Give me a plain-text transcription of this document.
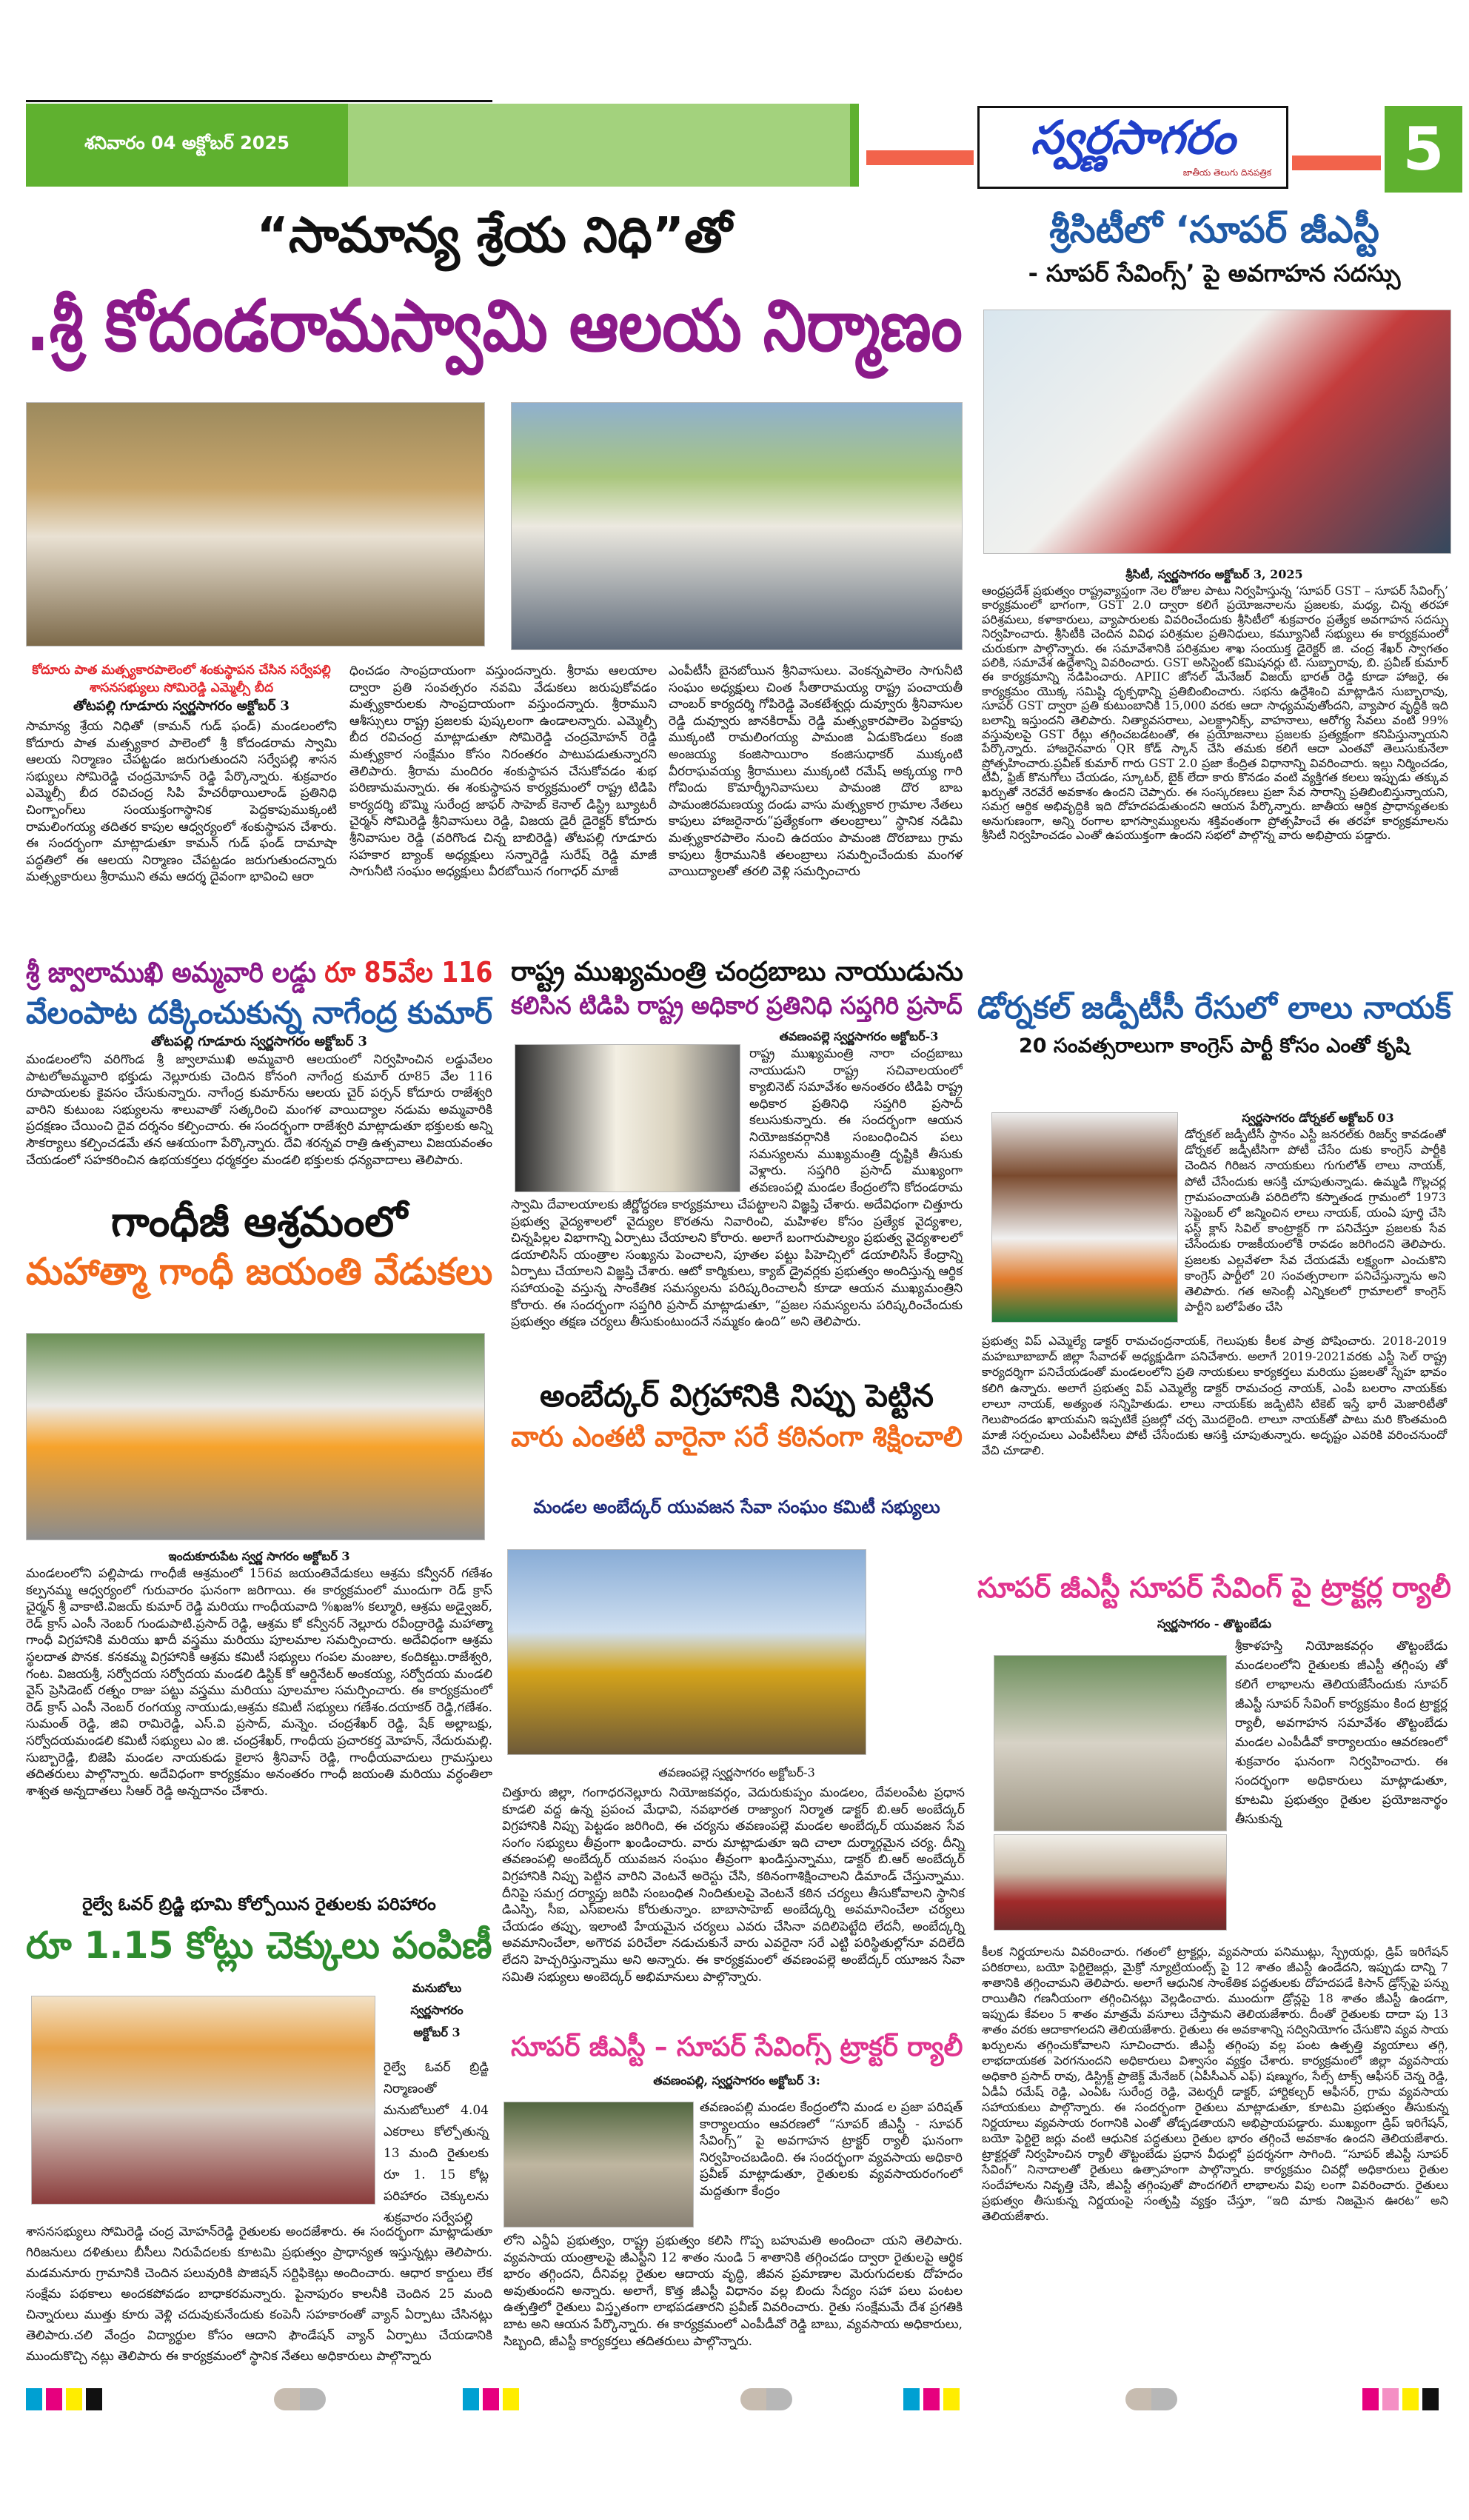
శనివారం 04 అక్టోబర్ 2025	స్వర్ణసాగరం
జాతీయ తెలుగు దినపత్రిక 5
“సామాన్య శ్రేయ నిధి”తో
.శ్రీ కోదండరామస్వామి ఆలయ నిర్మాణం
కోదూరు పాత మత్స్యకారపాలెంలో శంకుస్థాపన చేసిన సర్వేపల్లి శాసనసభ్యులు సోమిరెడ్డి ఎమ్మెల్సీ బీద
తోటపల్లి గూడూరు స్వర్ణసాగరం అక్టోబర్ 3

సామాన్య శ్రేయ నిధితో (కామన్ గుడ్ ఫండ్) మండలంలోని కోదూరు పాత మత్స్యకార పాలెంలో శ్రీ కోదండరామ స్వామి ఆలయ నిర్మాణం చేపట్టడం జరుగుతుందని సర్వేపల్లి శాసన సభ్యులు సోమిరెడ్డి చంద్రమోహన్ రెడ్డి పేర్కొన్నారు. శుక్రవారం ఎమ్మెల్సీ బీద రవిచంద్ర సిపి హేచరీథాయిలాండ్ ప్రతినిధి చింగ్బాంగ్‌లు సంయుక్తంగాస్థానిక పెద్దకాపుముక్కంటి రామలింగయ్య తదితర కాపుల ఆధ్వర్యంలో శంకుస్థాపన చేశారు. ఈ సందర్భంగా మాట్లాడుతూ కామన్ గుడ్ ఫండ్ దామాషా పద్ధతిలో ఈ ఆలయ నిర్మాణం చేపట్టడం జరుగుతుందన్నారు మత్స్యకారులు శ్రీరాముని తమ ఆదర్శ దైవంగా భావించి ఆరా

ధించడం సాంప్రదాయంగా వస్తుందన్నారు. శ్రీరామ ఆలయాల ద్వారా ప్రతి సంవత్సరం నవమి వేడుకలు జరుపుకోవడం మత్స్యకారులకు సాంప్రదాయంగా వస్తుందన్నారు. శ్రీరాముని ఆశీస్సులు రాష్ట్ర ప్రజలకు పుష్కలంగా ఉండాలన్నారు. ఎమ్మెల్సీ బీద రవిచంద్ర మాట్లాడుతూ సోమిరెడ్డి చంద్రమోహన్ రెడ్డి మత్స్యకార సంక్షేమం కోసం నిరంతరం పాటుపడుతున్నారని తెలిపారు. శ్రీరామ మందిరం శంకుస్థాపన చేసుకోవడం శుభ పరిణామమన్నారు. ఈ శంకుస్థాపన కార్యక్రమంలో రాష్ట్ర టిడిపి కార్యదర్శి బొమ్మి సురేంద్ర జాఫర్ సాహెబ్ కెనాల్ డిస్ట్రి బ్యూటరీ చైర్మన్ సోమిరెడ్డి శ్రీనివాసులు రెడ్డి, విజయ డైరీ డైరెక్టర్ కోదూరు శ్రీనివాసుల రెడ్డి (వరిగొండ చిన్న బాబిరెడ్డి) తోటపల్లి గూడూరు సహకార బ్యాంక్ అధ్యక్షులు సన్నారెడ్డి సురేష్ రెడ్డి మాజీ సాగునీటి సంఘం అధ్యక్షులు వీరబోయిన గంగాధర్ మాజీ

ఎంపీటీసీ బైనబోయిన శ్రీనివాసులు. వెంకన్నపాలెం సాగునీటి సంఘం అధ్యక్షులు చింత సీతారామయ్య రాష్ట్ర పంచాయతీ చాంబర్ కార్యదర్శి గోపిరెడ్డి వెంకటేశ్వర్లు దువ్వూరు శ్రీనివాసుల రెడ్డి దువ్వూరు జానకిరామ్ రెడ్డి మత్స్యకారపాలెం పెద్దకాపు ముక్కంటి రామలింగయ్య పామంజి ఏడుకొండలు కంజి అంజయ్య కంజిసాయిరాం కంజిసుధాకర్ ముక్కంటి వీరరాఘవయ్య శ్రీరాములు ముక్కంటి రమేష్ అక్కయ్య గారి గోవిందు కొమార్శ్రీనివాసులు పామంజి దొర బాబ పామంజిరమణయ్య దండు వాసు మత్స్యకార గ్రామాల నేతలు కాపులు హాజరైనారు“ప్రత్యేకంగా తలంబ్రాలు” స్థానిక నడిమి మత్స్యకారపాలెం నుంచి ఉదయం పామంజి దొరబాబు గ్రామ కాపులు శ్రీరామునికి తలంబ్రాలు సమర్పించేందుకు మంగళ వాయిద్యాలతో తరలి వెళ్లి సమర్పించారు

శ్రీ జ్వాలాముఖి అమ్మవారి లడ్డు రూ 85వేల 116
వేలంపాట దక్కించుకున్న నాగేంద్ర కుమార్
తోటపల్లి గూడూరు స్వర్ణసాగరం అక్టోబర్ 3

మండలంలోని వరిగొండ శ్రీ జ్వాలాముఖి అమ్మవారి ఆలయంలో నిర్వహించిన లడ్డువేలం పాటలోఅమ్మవారి భక్తుడు నెల్లూరుకు చెందిన కోనంగి నాగేంద్ర కుమార్ రూ85 వేల 116 రూపాయలకు కైవసం చేసుకున్నారు. నాగేంద్ర కుమార్‌ను ఆలయ చైర్ పర్సన్ కోదూరు రాజేశ్వరి వారిని కుటుంబ సభ్యులను శాలువాతో సత్కరించి మంగళ వాయిద్యాల నడుమ అమ్మవారికి ప్రదక్షణం చేయించి దైవ దర్శనం కల్పించారు. ఈ సందర్భంగా రాజేశ్వరి మాట్లాడుతూ భక్తులకు అన్ని సౌకర్యాలు కల్పించడమే తన ఆశయంగా పేర్కొన్నారు. దేవి శరన్నవ రాత్రి ఉత్సవాలు విజయవంతం చేయడంలో సహకరించిన ఉభయకర్తలు ధర్మకర్తల మండలి భక్తులకు ధన్యవాదాలు తెలిపారు.

రాష్ట్ర ముఖ్యమంత్రి చంద్రబాబు నాయుడును
కలిసిన టిడిపి రాష్ట్ర అధికార ప్రతినిధి సప్తగిరి ప్రసాద్
తవణంపల్లె స్వర్ణసాగరం అక్టోబర్-3

రాష్ట్ర ముఖ్యమంత్రి నారా చంద్రబాబు నాయుడుని రాష్ట్ర సచివాలయంలో క్యాబినెట్ సమావేశం అనంతరం టిడిపి రాష్ట్ర అధికార ప్రతినిధి సప్తగిరి ప్రసాద్ కలుసుకున్నారు. ఈ సందర్భంగా ఆయన నియోజకవర్గానికి సంబంధించిన పలు సమస్యలను ముఖ్యమంత్రి దృష్టికి తీసుకు వెళ్లారు. సప్తగిరి ప్రసాద్ ముఖ్యంగా తవణంపల్లి మండల కేంద్రంలోని కోదండరామ

స్వామి దేవాలయాలకు జీర్ణోద్ధరణ కార్యక్రమాలు చేపట్టాలని విజ్ఞప్తి చేశారు. అదేవిధంగా చిత్తూరు ప్రభుత్వ వైద్యశాలలో వైద్యుల కొరతను నివారించి, మహిళల కోసం ప్రత్యేక వైద్యశాల, చిన్నపిల్లల విభాగాన్ని ఏర్పాటు చేయాలని కోరారు. అలాగే బంగారుపాల్యం ప్రభుత్వ వైద్యశాలలో డయాలిసిస్ యంత్రాల సంఖ్యను పెంచాలని, పూతల పట్టు పిహెచ్సిలో డయాలిసిస్ కేంద్రాన్ని ఏర్పాటు చేయాలని విజ్ఞప్తి చేశారు. ఆటో కార్మికులు, క్యాబ్ డ్రైవర్లకు ప్రభుత్వం అందిస్తున్న ఆర్థిక సహాయంపై వస్తున్న సాంకేతిక సమస్యలను పరిష్కరించాలనీ కూడా ఆయన ముఖ్యమంత్రిని కోరారు. ఈ సందర్భంగా సప్తగిరి ప్రసాద్ మాట్లాడుతూ, “ప్రజల సమస్యలను పరిష్కరించేందుకు ప్రభుత్వం తక్షణ చర్యలు తీసుకుంటుందనే నమ్మకం ఉంది” అని తెలిపారు.

గాంధీజీ ఆశ్రమంలో
మహాత్మా గాంధీ జయంతి వేడుకలు
ఇందుకూరుపేట స్వర్ణ సాగరం అక్టోబర్ 3

మండలంలోని పల్లిపాడు గాంధీజీ ఆశ్రమంలో 156వ జయంతివేడుకలు ఆశ్రమ కన్వీనర్ గణేశం కల్పనమ్మ ఆధ్వర్యంలో గురువారం ఘనంగా జరిగాయి. ఈ కార్యక్రమంలో ముందుగా రెడ్ క్రాస్ చైర్మన్ శ్రీ వాకాటి.విజయ్ కుమార్ రెడ్డి మరియు గాంధీయవాది %ఖజ% కల్మూరి, ఆశ్రమ అడ్వైజర్, రెడ్ క్రాస్ ఎంసీ నెంబర్ గుండుపాటి.ప్రసాద్ రెడ్డి, ఆశ్రమ కో కన్వీనర్ నెల్లూరు రవీంద్రారెడ్డి మహాత్మా గాంధీ విగ్రహానికి మరియు ఖాదీ వస్త్రము మరియు పూలమాల సమర్పించారు. అదేవిధంగా ఆశ్రమ స్థలదాత పొనక. కనకమ్మ విగ్రహానికి ఆశ్రమ కమిటీ సభ్యులు గంపల మంజుల, కందికట్టు.రాజేశ్వరి, గంట. విజయశ్రీ, సర్వోదయ సర్వోదయ మండలి డిస్టిక్ కో ఆర్డినేటర్ అంకయ్య, సర్వోదయ మండలి వైస్ ప్రెసిడెంట్ రత్నం రాజు పట్టు వస్త్రము మరియు పూలమాల సమర్పించారు. ఈ కార్యక్రమంలో రెడ్ క్రాస్ ఎంసీ నెంబర్ రంగయ్య నాయుడు,ఆశ్రమ కమిటీ సభ్యులు గణేశం.దయాకర్ రెడ్డి,గణేశం. సుమంత్ రెడ్డి, జివి రామిరెడ్డి, ఎస్.వి ప్రసాద్, మన్నెం. చంద్రశేఖర్ రెడ్డి, షేక్ అల్లాబక్షు, సర్వోదయమండలి కమిటీ సభ్యులు ఎం జి. చంద్రశేఖర్, గాంధీయ ప్రచారకర్త మోహన్, నేదురుమల్లి. సుబ్బారెడ్డి, బిజెపి మండల నాయకుడు కైలాస శ్రీనివాస్ రెడ్డి, గాంధీయవాదులు గ్రామస్తులు తదితరులు పాల్గొన్నారు. అదేవిధంగా కార్యక్రమం అనంతరం గాంధీ జయంతి మరియు వర్ధంతిలా శాశ్వత అన్నదాతలు సిఆర్ రెడ్డి అన్నదానం చేశారు.

అంబేద్కర్ విగ్రహానికి నిప్పు పెట్టిన
వారు ఎంతటి వారైనా సరే కఠినంగా శిక్షించాలి
మండల అంబేద్కర్ యువజన సేవా సంఘం కమిటీ సభ్యులు
తవణంపల్లె స్వర్ణసాగరం అక్టోబర్-3

చిత్తూరు జిల్లా, గంగాధరనెల్లూరు నియోజకవర్గం, వెదురుకుప్పం మండలం, దేవలంపేట ప్రధాన కూడలి వద్ద ఉన్న ప్రపంచ మేధావి, నవభారత రాజ్యాంగ నిర్మాత డాక్టర్ బి.ఆర్ అంబేద్కర్ విగ్రహానికి నిప్పు పెట్టడం జరిగింది, ఈ చర్యను తవణంపల్లె మండల అంబేద్కర్ యువజన సేవ సంగం సభ్యులు తీవ్రంగా ఖండించారు. వారు మాట్లాడుతూ ఇది చాలా దుర్మార్గమైన చర్య. దీన్ని తవణంపల్లి అంబేద్కర్ యువజన సంఘం తీవ్రంగా ఖండిస్తున్నాము, డాక్టర్ బి.ఆర్ అంబేద్కర్ విగ్రహానికి నిప్పు పెట్టిన వారిని వెంటనే అరెస్టు చేసి, కఠినంగాశిక్షించాలని డిమాండ్ చేస్తున్నాము. దీనిపై సమగ్ర దర్యాప్తు జరిపి సంబంధిత నిందితులపై వెంటనే కఠిన చర్యలు తీసుకోవాలని స్థానిక డిఎస్పి, సీఐ, ఎస్ఐలను కోరుతున్నాం. బాబాసాహెబ్ అంబేద్కర్ని అవమానించేలా చర్యలు చేయడం తప్పు, ఇలాంటి హేయమైన చర్యలు ఎవరు చేసినా వదిలిపెట్టేది లేదనీ, అంబేద్కర్ని అవమానించేలా, అగౌరవ పరిచేలా నడుచుకునే వారు ఎవరైనా సరే ఎట్టి పరిస్థితుల్లోనూ వదిలేది లేదని హెచ్చరిస్తున్నాము అని అన్నారు. ఈ కార్యక్రమంలో తవణంపల్లె అంబేద్కర్ యూజన సేవా సమితి సభ్యులు అంబెద్కర్ అభిమానులు పాల్గొన్నారు.

రైల్వే ఓవర్ బ్రిడ్జి భూమి కోల్పోయిన రైతులకు పరిహారం
రూ 1.15 కోట్లు చెక్కులు పంపిణీ
మనుబోలు
స్వర్ణసాగరం
అక్టోబర్ 3

రైల్వే ఓవర్ బ్రిడ్జి నిర్మాణంతో మనుబోలులో 4.04 ఎకరాలు కోల్పోతున్న 13 మంది రైతులకు రూ 1. 15 కోట్ల పరిహారం చెక్కులను శుక్రవారం సర్వేపల్లి

శాసనసభ్యులు సోమిరెడ్డి చంద్ర మోహన్‌రెడ్డి రైతులకు అందజేశారు. ఈ సందర్భంగా మాట్లాడుతూ గిరిజనులు దళితులు బీసీలు నిరుపేదలకు కూటమి ప్రభుత్వం ప్రాధాన్యత ఇస్తున్నట్లు తెలిపారు. మడమనూరు గ్రామానికి చెందిన పలువురికి పొజిషన్ సర్టిఫికెట్లు అందించారు. ఆధార కార్డులు లేక సంక్షేమ పథకాలు అందకపోవడం బాధాకరమన్నారు. పైనాపురం కాలనీకి చెందిన 25 మంది చిన్నారులు ముత్తు కూరు వెళ్లి చదువుకునేందుకు కంపెనీ సహకారంతో వ్యాన్ ఏర్పాటు చేసినట్లు తెలిపారు.చలి వేంద్రం విద్యార్థుల కోసం ఆదాని ఫౌండేషన్ వ్యాన్ ఏర్పాటు చేయడానికి ముందుకొచ్చి నట్లు తెలిపారు ఈ కార్యక్రమంలో స్థానిక నేతలు అధికారులు పాల్గొన్నారు

సూపర్ జీఎస్టీ – సూపర్ సేవింగ్స్ ట్రాక్టర్ ర్యాలీ
తవణంపల్లి, స్వర్ణసాగరం అక్టోబర్ 3:

తవణంపల్లి మండల కేంద్రంలోని మండ ల ప్రజా పరిషత్ కార్యాలయం ఆవరణలో “సూపర్ జీఎస్టీ - సూపర్ సేవింగ్స్” పై అవగాహన ట్రాక్టర్ ర్యాలీ ఘనంగా నిర్వహించబడింది. ఈ సందర్భంగా వ్యవసాయ అధికారి ప్రవీణ్ మాట్లాడుతూ, రైతులకు వ్యవసాయరంగంలో మద్దతుగా కేంద్రం

లోని ఎన్డీఏ ప్రభుత్వం, రాష్ట్ర ప్రభుత్వం కలిసి గొప్ప బహుమతి అందించా యని తెలిపారు. వ్యవసాయ యంత్రాలపై జీఎస్టీని 12 శాతం నుండి 5 శాతానికి తగ్గించడం ద్వారా రైతులపై ఆర్థిక భారం తగ్గిందని, దీనివల్ల రైతుల ఆదాయ వృద్ధి, జీవన ప్రమాణాల మెరుగుదలకు దోహదం అవుతుందని అన్నారు. అలాగే, కొత్త జీఎస్టీ విధానం వల్ల బిందు సేద్యం సహా పలు పంటల ఉత్పత్తిలో రైతులు విస్తృతంగా లాభపడతారని ప్రవీణ్ వివరించారు. రైతు సంక్షేమమే దేశ ప్రగతికి బాట అని ఆయన పేర్కొన్నారు. ఈ కార్యక్రమంలో ఎంపీడీవో రెడ్డి బాబు, వ్యవసాయ అధికారులు, సిబ్బంది, జీఎస్టీ కార్యకర్తలు తదితరులు పాల్గొన్నారు.

శ్రీసిటీలో ‘సూపర్ జీఎస్టీ
- సూపర్ సేవింగ్స్’ పై అవగాహన సదస్సు
శ్రీసిటీ, స్వర్ణసాగరం అక్టోబర్ 3, 2025

ఆంధ్రప్రదేశ్ ప్రభుత్వం రాష్ట్రవ్యాప్తంగా నెల రోజుల పాటు నిర్వహిస్తున్న ‘సూపర్ GST – సూపర్ సేవింగ్స్’ కార్యక్రమంలో భాగంగా, GST 2.0 ద్వారా కలిగే ప్రయోజనాలను ప్రజలకు, మధ్య, చిన్న తరహా పరిశ్రమలు, కళాకారులు, వ్యాపారులకు వివరించేందుకు శ్రీసిటీలో శుక్రవారం ప్రత్యేక అవగాహన సదస్సు నిర్వహించారు. శ్రీసిటీకి చెందిన వివిధ పరిశ్రమల ప్రతినిధులు, కమ్యూనిటీ సభ్యులు ఈ కార్యక్రమంలో చురుకుగా పాల్గొన్నారు. ఈ సమావేశానికి పరిశ్రమల శాఖ సంయుక్త డైరెక్టర్ జి. చంద్ర శేఖర్ స్వాగతం పలికి, సమావేశ ఉద్దేశాన్ని వివరించారు. GST అసిస్టెంట్ కమిషనర్లు టి. సుబ్బారావు, బి. ప్రవీణ్ కుమార్ ఈ కార్యక్రమాన్ని నడిపించారు. APIIC జోనల్ మేనేజర్ విజయ్ భారత్ రెడ్డి కూడా హాజరై, ఈ కార్యక్రమం యొక్క సమిష్టి దృక్పథాన్ని ప్రతిబింబించారు. సభను ఉద్దేశించి మాట్లాడిన సుబ్బారావు, సూపర్ GST ద్వారా ప్రతి కుటుంబానికి 15,000 వరకు ఆదా సాధ్యమవుతోందని, వ్యాపార వృద్ధికి ఇది బలాన్ని ఇస్తుందని తెలిపారు. నిత్యావసరాలు, ఎలక్ట్రానిక్స్, వాహనాలు, ఆరోగ్య సేవలు వంటి 99% వస్తువులపై GST రేట్లు తగ్గించబడటంతో, ఈ ప్రయోజనాలు ప్రజలకు ప్రత్యక్షంగా కనిపిస్తున్నాయని పేర్కొన్నారు. హాజరైనవారు QR కోడ్ స్కాన్ చేసి తమకు కలిగే ఆదా ఎంతవో తెలుసుకునేలా ప్రోత్సహించారు.ప్రవీణ్ కుమార్ గారు GST 2.0 ప్రజా కేంద్రిత విధానాన్ని వివరించారు. ఇల్లు నిర్మించడం, టీవీ, ఫ్రిజ్ కొనుగోలు చేయడం, స్కూటర్, బైక్ లేదా కారు కొనడం వంటి వ్యక్తిగత కలలు ఇప్పుడు తక్కువ ఖర్చుతో నెరవేరే అవకాశం ఉందని చెప్పారు. ఈ సంస్కరణలు ప్రజా సేవ సారాన్ని ప్రతిబింబిస్తున్నాయని, సమగ్ర ఆర్థిక అభివృద్ధికి ఇది దోహదపడుతుందని ఆయన పేర్కొన్నారు. జాతీయ ఆర్థిక ప్రాధాన్యతలకు అనుగుణంగా, అన్ని రంగాల భాగస్వామ్యులను శక్తివంతంగా ప్రోత్సహించే ఈ తరహా కార్యక్రమాలను శ్రీసిటీ నిర్వహించడం ఎంతో ఉపయుక్తంగా ఉందని సభలో పాల్గొన్న వారు అభిప్రాయ పడ్డారు.

డోర్నకల్ జడ్పీటీసీ రేసులో లాలు నాయక్
20 సంవత్సరాలుగా కాంగ్రెస్ పార్టీ కోసం ఎంతో కృషి
స్వర్ణసాగరం డోర్నకల్ అక్టోబర్ 03

డోర్నకల్ జడ్పీటీసీ స్థానం ఎస్టీ జనరల్‌కు రిజర్వ్ కావడంతో డోర్నకల్ జడ్పీటీసిగా పోటీ చేసేం దుకు కాంగ్రెస్ పార్టీకి చెందిన గిరిజన నాయకులు గుగులోత్ లాలు నాయక్, పోటీ చేసేందుకు ఆసక్తి చూపుతున్నాడు. ఉమ్మడి గొల్లచర్ల గ్రామపంచాయతీ పరిదిలోని కస్నాతండ గ్రామంలో 1973 సెప్టెంబర్ లో జన్మించిన లాలు నాయక్, యంఏ పూర్తి చేసి ఫస్ట్ క్లాస్ సివిల్ కాంట్రాక్టర్ గా పనిచేస్తూ ప్రజలకు సేవ చేసేందుకు రాజకీయంలోకి రావడం జరిగిందని తెలిపారు. ప్రజలకు ఎల్లవేళలా సేవ చేయడమే లక్ష్యంగా ఎంచుకొని కాంగ్రెస్ పార్టీలో 20 సంవత్సరాలగా పనిచేస్తున్నాను అని తెలిపారు. గత అసెంబ్లీ ఎన్నికలలో గ్రామాలలో కాంగ్రెస్ పార్టీని బలోపేతం చేసి

ప్రభుత్వ విప్ ఎమ్మెల్యే డాక్టర్ రామచంద్రనాయక్, గెలుపుకు కీలక పాత్ర పోషించారు. 2018-2019 మహబూబాబాద్ జిల్లా సేవాదళ్ అధ్యక్షుడిగా పనిచేశారు. అలాగే 2019-2021వరకు ఎస్టీ సెల్ రాష్ట్ర కార్యదర్శిగా పనిచేయడంతో మండలంలోని ప్రతి నాయకులు కార్యకర్తలు మరియు ప్రజలతో స్నేహ భావం కలిగి ఉన్నారు. అలాగే ప్రభుత్వ విప్ ఎమ్మెల్యే డాక్టర్ రామచంద్ర నాయక్, ఎంపీ బలరాం నాయక్‌కు లాలూ నాయక్, అత్యంత సన్నిహితుడు. లాలు నాయక్‌కు జడ్పిటిసి టికెట్ ఇస్తే భారీ మెజారిటీతో గెలుపొందడం ఖాయమని ఇప్పటికే ప్రజల్లో చర్చ మొదలైంది. లాలూ నాయక్‌తో పాటు మరి కొంతమంది మాజీ సర్పంచులు ఎంపీటీసీలు పోటీ చేసేందుకు ఆసక్తి చూపుతున్నారు. అదృష్టం ఎవరికి వరించనుందో వేచి చూడాలి.

సూపర్ జీఎస్టీ సూపర్ సేవింగ్ పై ట్రాక్టర్ల ర్యాలీ
స్వర్ణసాగరం - తొట్టంబేడు

శ్రీకాళహస్తి నియోజకవర్గం తొట్టంబేడు మండలంలోని రైతులకు జీఎస్టీ తగ్గింపు తో కలిగే లాభాలను తెలియజేసేందుకు సూపర్ జీఎస్టీ సూపర్ సేవింగ్ కార్యక్రమం కింద ట్రాక్టర్ల ర్యాలీ, అవగాహన సమావేశం తొట్టంబేడు మండల ఎంపీడీవో కార్యాలయం ఆవరణంలో శుక్రవారం ఘనంగా నిర్వహించారు. ఈ సందర్భంగా అధికారులు మాట్లాడుతూ, కూటమి ప్రభుత్వం రైతుల ప్రయోజనార్థం తీసుకున్న

కీలక నిర్ణయాలను వివరించారు. గతంలో ట్రాక్టర్లు, వ్యవసాయ పనిముట్లు, స్ప్రేయర్లు, డ్రిప్ ఇరిగేషన్ పరికరాలు, బయో ఫెర్టిలైజర్లు, మైక్రో న్యూట్రియంట్స్ పై 12 శాతం జీఎస్టీ ఉండేదని, ఇప్పుడు దాన్ని 7 శాతానికి తగ్గించామని తెలిపారు. అలాగే ఆధునిక సాంకేతిక పద్ధతులకు దోహదపడే కిసాన్ డ్రోన్స్‌పై పన్ను రాయితీని గణనీయంగా తగ్గించినట్లు వెల్లడించారు. ముందుగా డ్రోన్లపై 18 శాతం జీఎస్టీ ఉండగా, ఇప్పుడు కేవలం 5 శాతం మాత్రమే వసూలు చేస్తామని తెలియజేశారు. దీంతో రైతులకు దాదా పు 13 శాతం వరకు ఆదాకాగలదని తెలియజేశారు. రైతులు ఈ అవకాశాన్ని సద్వినియోగం చేసుకొని వ్యవ సాయ ఖర్చులను తగ్గించుకోవాలని సూచించారు. జీఎస్టీ తగ్గింపు వల్ల పంట ఉత్పత్తి వ్యయాలు తగ్గి, లాభదాయకత పెరగనుందని అధికారులు విశ్వాసం వ్యక్తం చేశారు. కార్యక్రమంలో జిల్లా వ్యవసాయ అధికారి ప్రసాద్ రావు, డిస్ట్రిక్ట్ ప్రాజెక్ట్ మేనేజర్ (ఏపీసీఎన్ ఎఫ్) షణ్ముగం, సేల్స్ టాక్స్ ఆఫీసర్ చెన్న రెడ్డి, ఏడీఏ రమేష్ రెడ్డి, ఎంఏఓ సురేంద్ర రెడ్డి, వెటర్నరీ డాక్టర్, హార్టికల్చర్ ఆఫీసర్, గ్రామ వ్యవసాయ సహాయకులు పాల్గొన్నారు. ఈ సందర్భంగా రైతులు మాట్లాడుతూ, కూటమి ప్రభుత్వం తీసుకున్న నిర్ణయాలు వ్యవసాయ రంగానికి ఎంతో తోడ్పడతాయని అభిప్రాయపడ్డారు. ముఖ్యంగా డ్రిప్ ఇరిగేషన్, బయో ఫెర్టిలై జర్లు వంటి ఆధునిక పద్ధతులు రైతుల భారం తగ్గించే అవకాశం ఉందని తెలియజేశారు. ట్రాక్టర్లతో నిర్వహించిన ర్యాలీ తొట్టంబేడు ప్రధాన వీధుల్లో ప్రదర్శనగా సాగింది. “సూపర్ జీఎస్టీ సూపర్ సేవింగ్” నినాదాలతో రైతులు ఉత్సాహంగా పాల్గొన్నారు. కార్యక్రమం చివర్లో అధికారులు రైతుల సందేహాలను నివృత్తి చేసి, జీఎస్టీ తగ్గింపుతో పొందగలిగే లాభాలను విపు లంగా వివరించారు. రైతులు ప్రభుత్వం తీసుకున్న నిర్ణయంపై సంతృప్తి వ్యక్తం చేస్తూ, “ఇది మాకు నిజమైన ఊరట” అని తెలియజేశారు.
